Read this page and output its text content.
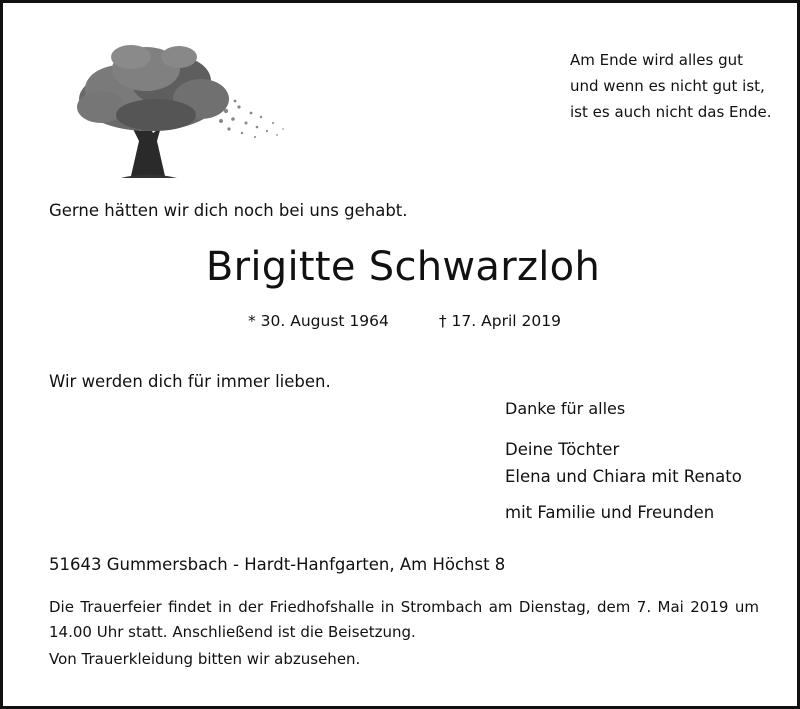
Am Ende wird alles gut
und wenn es nicht gut ist,
ist es auch nicht das Ende.
Gerne hätten wir dich noch bei uns gehabt.
Brigitte Schwarzloh
* 30. August 1964	† 17. April 2019
Wir werden dich für immer lieben.
Danke für alles
Deine Töchter
Elena und Chiara mit Renato
mit Familie und Freunden
51643 Gummersbach - Hardt-Hanfgarten, Am Höchst 8
Die Trauerfeier findet in der Friedhofshalle in Strombach am Dienstag, dem 7. Mai 2019 um 14.00 Uhr statt. Anschließend ist die Beisetzung.
Von Trauerkleidung bitten wir abzusehen.
